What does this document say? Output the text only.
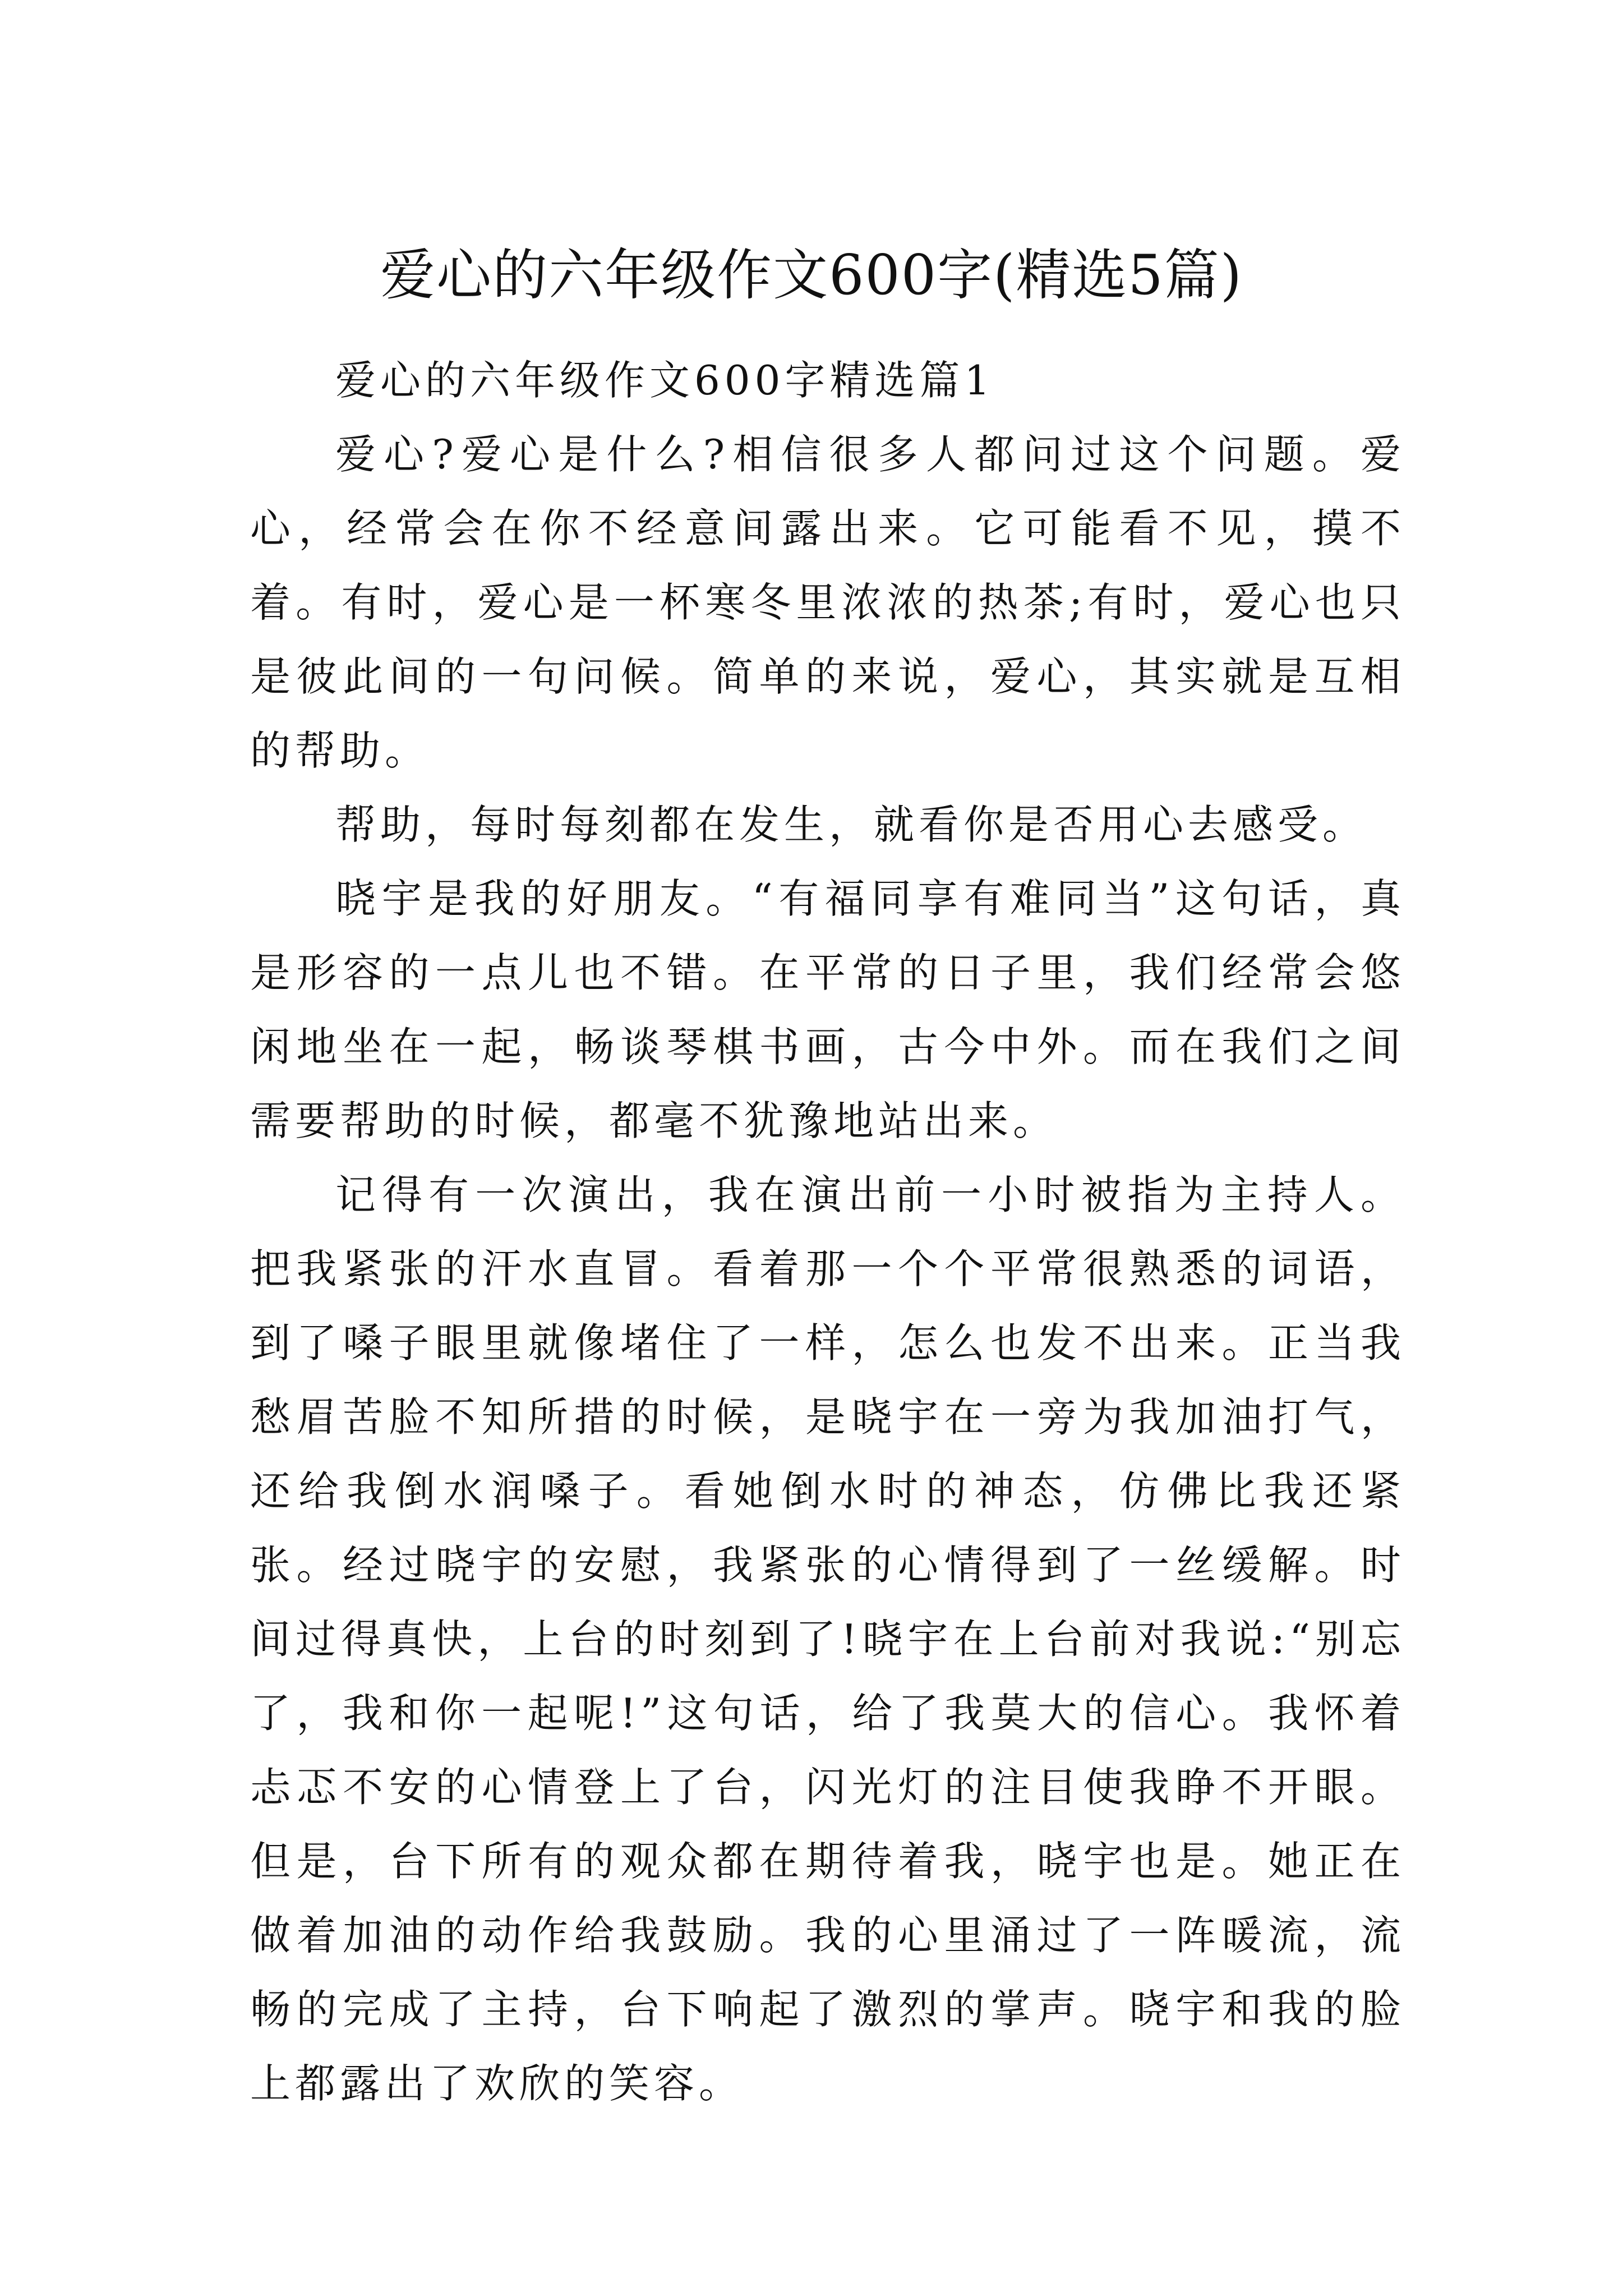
爱心的六年级作文600字(精选5篇)

爱心的六年级作文600字精选篇1

爱心?爱心是什么?相信很多人都问过这个问题。爱心，经常会在你不经意间露出来。它可能看不见，摸不着。有时，爱心是一杯寒冬里浓浓的热茶;有时，爱心也只是彼此间的一句问候。简单的来说，爱心，其实就是互相的帮助。

帮助，每时每刻都在发生，就看你是否用心去感受。

晓宇是我的好朋友。“有福同享有难同当”这句话，真是形容的一点儿也不错。在平常的日子里，我们经常会悠闲地坐在一起，畅谈琴棋书画，古今中外。而在我们之间需要帮助的时候，都毫不犹豫地站出来。

记得有一次演出，我在演出前一小时被指为主持人。把我紧张的汗水直冒。看着那一个个平常很熟悉的词语，到了嗓子眼里就像堵住了一样，怎么也发不出来。正当我愁眉苦脸不知所措的时候，是晓宇在一旁为我加油打气，还给我倒水润嗓子。看她倒水时的神态，仿佛比我还紧张。经过晓宇的安慰，我紧张的心情得到了一丝缓解。时间过得真快，上台的时刻到了!晓宇在上台前对我说:“别忘了，我和你一起呢!”这句话，给了我莫大的信心。我怀着忐忑不安的心情登上了台，闪光灯的注目使我睁不开眼。但是，台下所有的观众都在期待着我，晓宇也是。她正在做着加油的动作给我鼓励。我的心里涌过了一阵暖流，流畅的完成了主持，台下响起了激烈的掌声。晓宇和我的脸上都露出了欢欣的笑容。
